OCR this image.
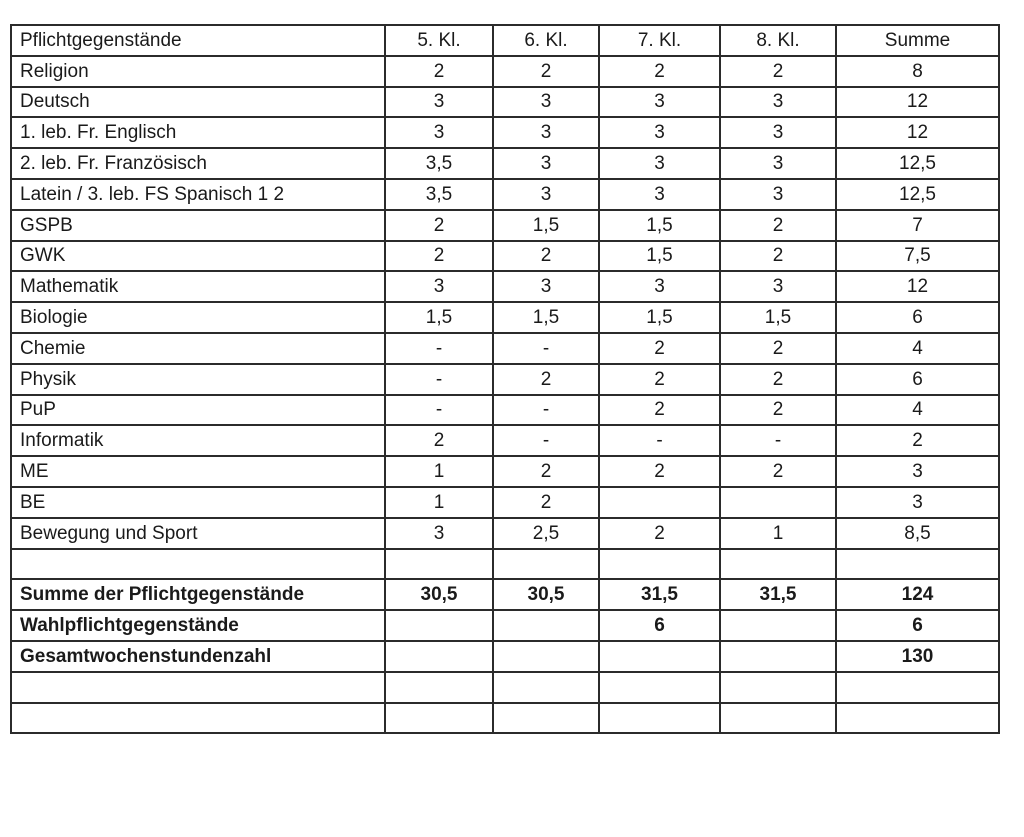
Pflichtgegenstände	5. Kl.	6. Kl.	7. Kl.	8. Kl.	Summe
Religion	2	2	2	2	8
Deutsch	3	3	3	3	12
1. leb. Fr. Englisch	3	3	3	3	12
2. leb. Fr. Französisch	3,5	3	3	3	12,5
Latein / 3. leb. FS Spanisch 1 2	3,5	3	3	3	12,5
GSPB	2	1,5	1,5	2	7
GWK	2	2	1,5	2	7,5
Mathematik	3	3	3	3	12
Biologie	1,5	1,5	1,5	1,5	6
Chemie	-	-	2	2	4
Physik	-	2	2	2	6
PuP	-	-	2	2	4
Informatik	2	-	-	-	2
ME	1	2	2	2	3
BE	1	2			3
Bewegung und Sport	3	2,5	2	1	8,5

Summe der Pflichtgegenstände	30,5	30,5	31,5	31,5	124
Wahlpflichtgegenstände			6		6
Gesamtwochenstundenzahl					130
